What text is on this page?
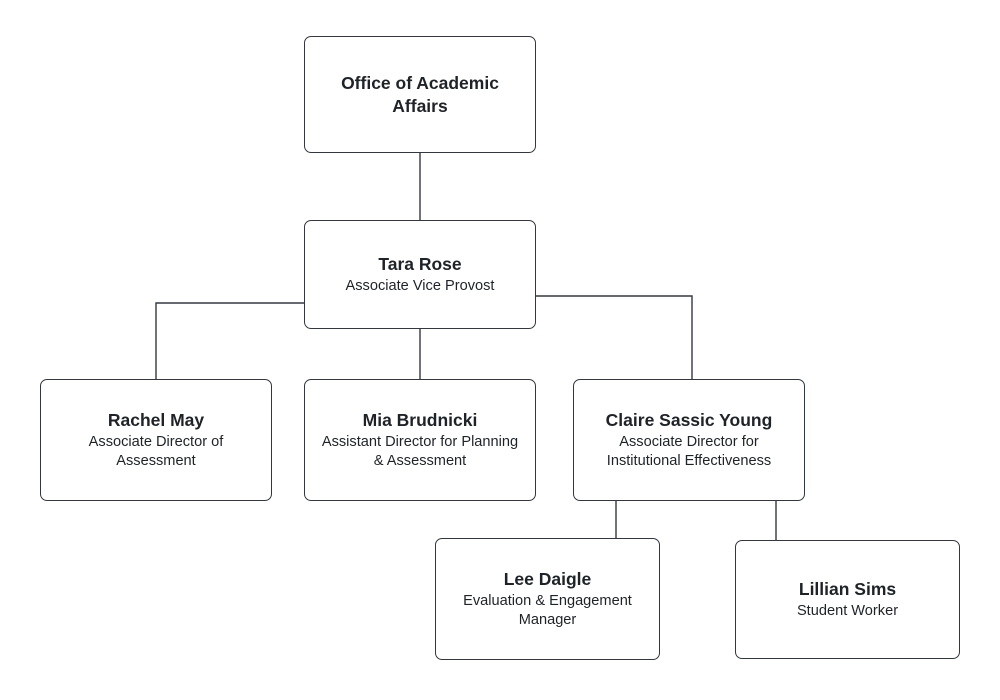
Office of Academic Affairs
Tara Rose
Associate Vice Provost
Rachel May
Associate Director of Assessment
Mia Brudnicki
Assistant Director for Planning & Assessment
Claire Sassic Young
Associate Director for Institutional Effectiveness
Lee Daigle
Evaluation & Engagement Manager
Lillian Sims
Student Worker
